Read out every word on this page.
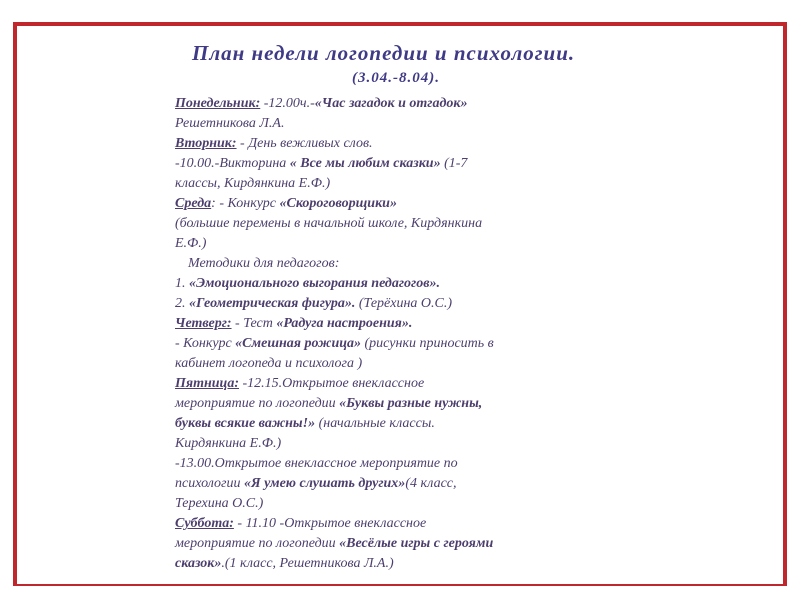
План недели логопедии и психологии.
(3.04.-8.04).
Понедельник: -12.00ч.-«Час загадок и отгадок»
Решетникова Л.А.
Вторник: - День вежливых слов.
-10.00.-Викторина « Все мы любим сказки» (1-7
классы, Кирдянкина Е.Ф.)
Среда: - Конкурс «Скороговорщики»
(большие перемены в начальной школе, Кирдянкина
Е.Ф.)
Методики для педагогов:
1. «Эмоционального выгорания педагогов».
2. «Геометрическая фигура». (Терёхина О.С.)
Четверг: - Тест «Радуга настроения».
- Конкурс «Смешная рожица» (рисунки приносить в
кабинет логопеда и психолога )
Пятница: -12.15.Открытое внеклассное
мероприятие по логопедии «Буквы разные нужны,
буквы всякие важны!» (начальные классы.
Кирдянкина Е.Ф.)
-13.00.Открытое внеклассное мероприятие по
психологии «Я умею слушать других»(4 класс,
Терехина О.С.)
Суббота: - 11.10 -Открытое внеклассное
мероприятие по логопедии «Весёлые игры с героями
сказок».(1 класс, Решетникова Л.А.)
